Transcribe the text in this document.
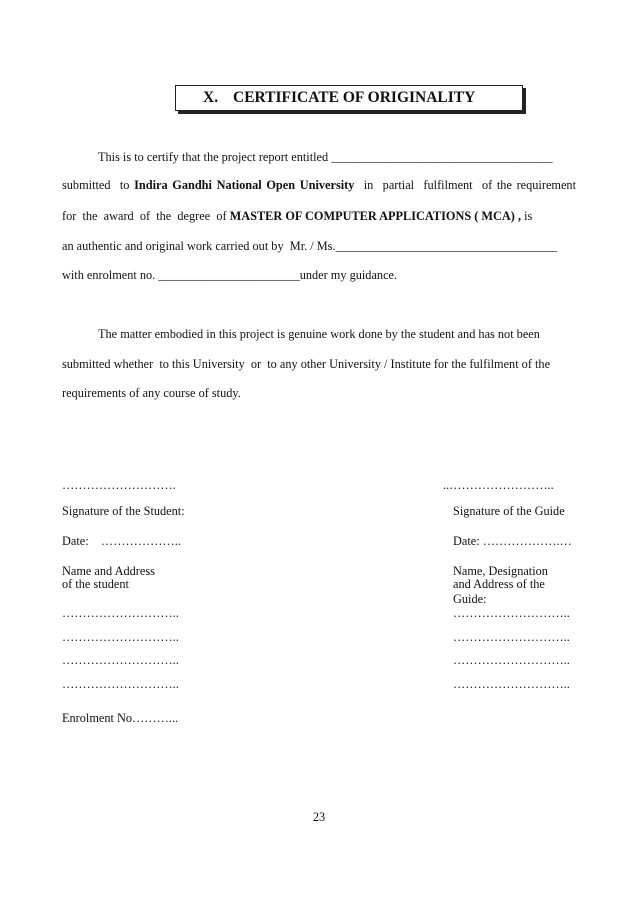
X. CERTIFICATE OF ORIGINALITY
This is to certify that the project report entitled ____________________________________
submitted  to Indira Gandhi National Open University  in  partial  fulfilment  of the requirement
for  the  award  of  the  degree  of MASTER OF COMPUTER APPLICATIONS ( MCA) , is
an authentic and original work carried out by  Mr. / Ms.____________________________________
with enrolment no. _______________________under my guidance.
The matter embodied in this project is genuine work done by the student and has not been
submitted whether  to this University  or  to any other University / Institute for the fulfilment of the
requirements of any course of study.
……………………….
Signature of the Student:
Date:    ………………..
Name and Address
of the student
………………………..
………………………..
………………………..
………………………..
Enrolment No………...
..……………………..
Signature of the Guide
Date: ……………….…
Name, Designation
and Address of the
Guide:
………………………..
………………………..
………………………..
………………………..
23
